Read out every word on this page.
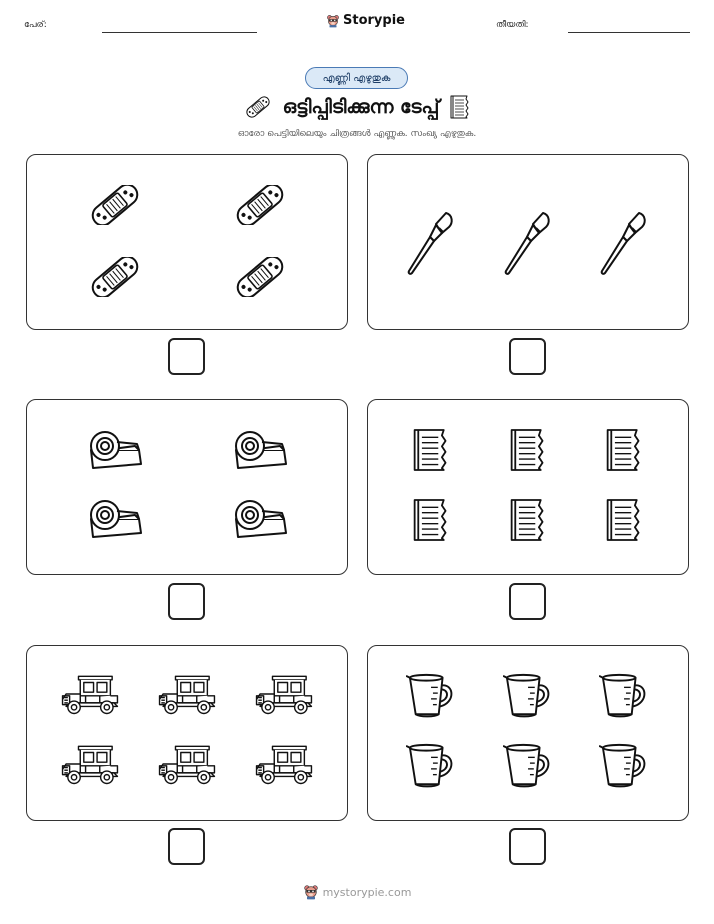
പേര്:	Storypie	തീയതി:
എണ്ണി എഴുതുക
ഒട്ടിപ്പിടിക്കുന്ന ടേപ്പ്
ഓരോ പെട്ടിയിലെയും ചിത്രങ്ങൾ എണ്ണുക. സംഖ്യ എഴുതുക.
mystorypie.com
